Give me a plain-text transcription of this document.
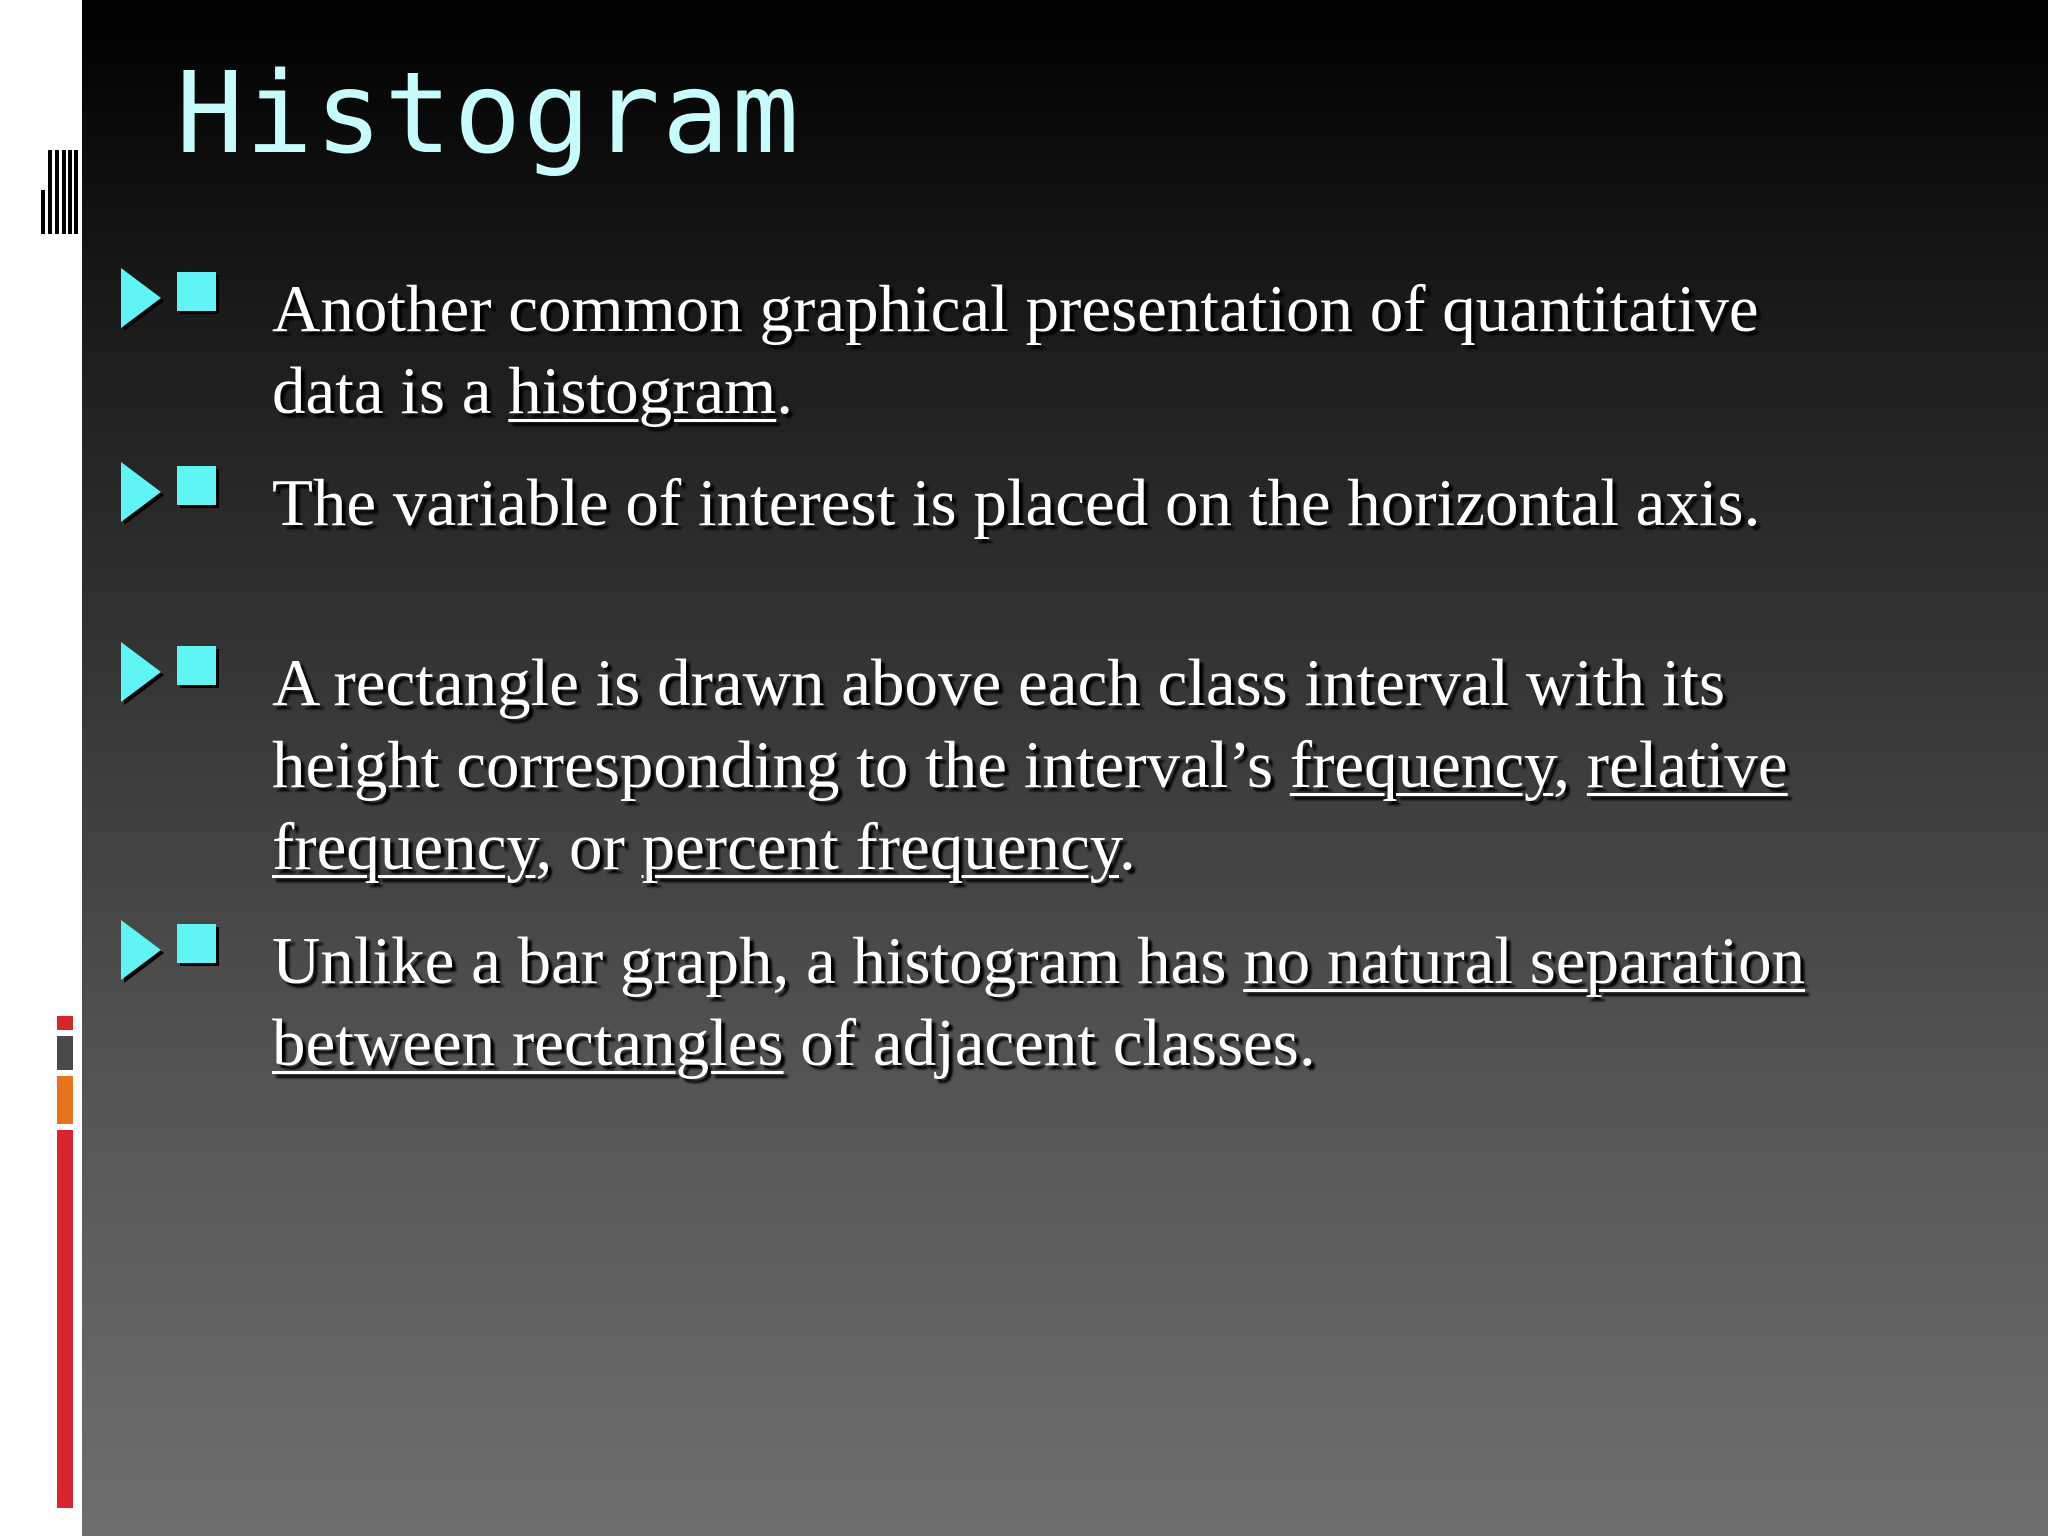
Histogram

Another common graphical presentation of quantitative data is a histogram.

The variable of interest is placed on the horizontal axis.

A rectangle is drawn above each class interval with its height corresponding to the interval’s frequency, relative frequency, or percent frequency.

Unlike a bar graph, a histogram has no natural separation between rectangles of adjacent classes.
